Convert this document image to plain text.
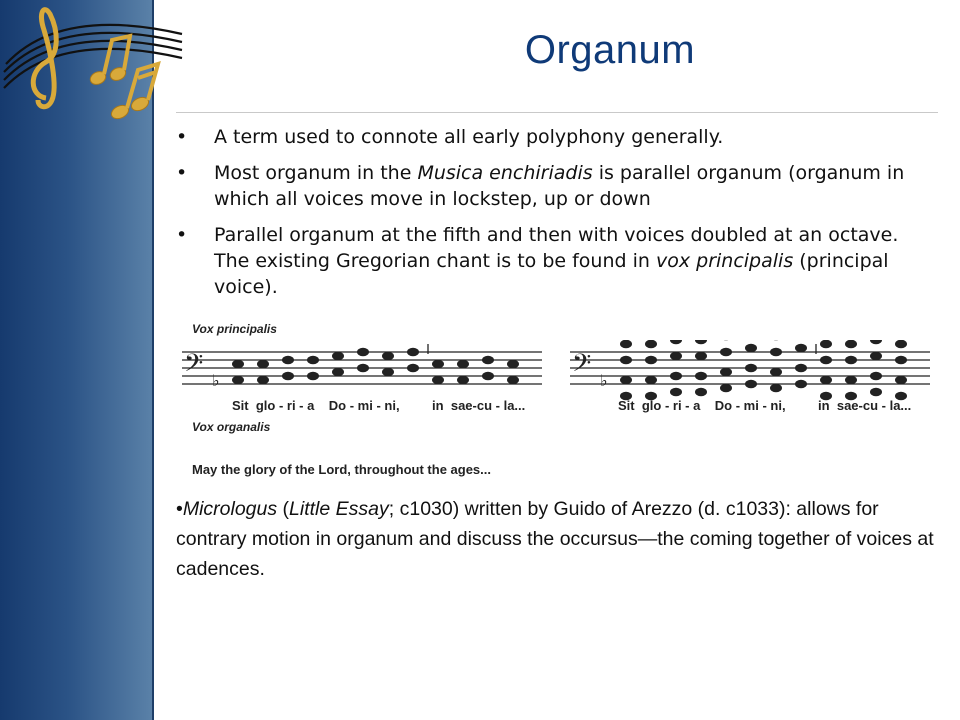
Organum
• A term used to connote all early polyphony generally.
• Most organum in the Musica enchiriadis is parallel organum (organum in which all voices move in lockstep, up or down
• Parallel organum at the fifth and then with voices doubled at an octave. The existing Gregorian chant is to be found in vox principalis (principal voice).
Vox principalis
Vox organalis
𝄢 ♭	𝄢 ♭
Sit  glo - ri - a    Do - mi - ni,         in  sae-cu - la...	Sit  glo - ri - a    Do - mi - ni,         in  sae-cu - la...
May the glory of the Lord, throughout the ages...
•Micrologus (Little Essay; c1030) written by Guido of Arezzo (d. c1033): allows for contrary motion in organum and discuss the occursus—the coming together of voices at cadences.
